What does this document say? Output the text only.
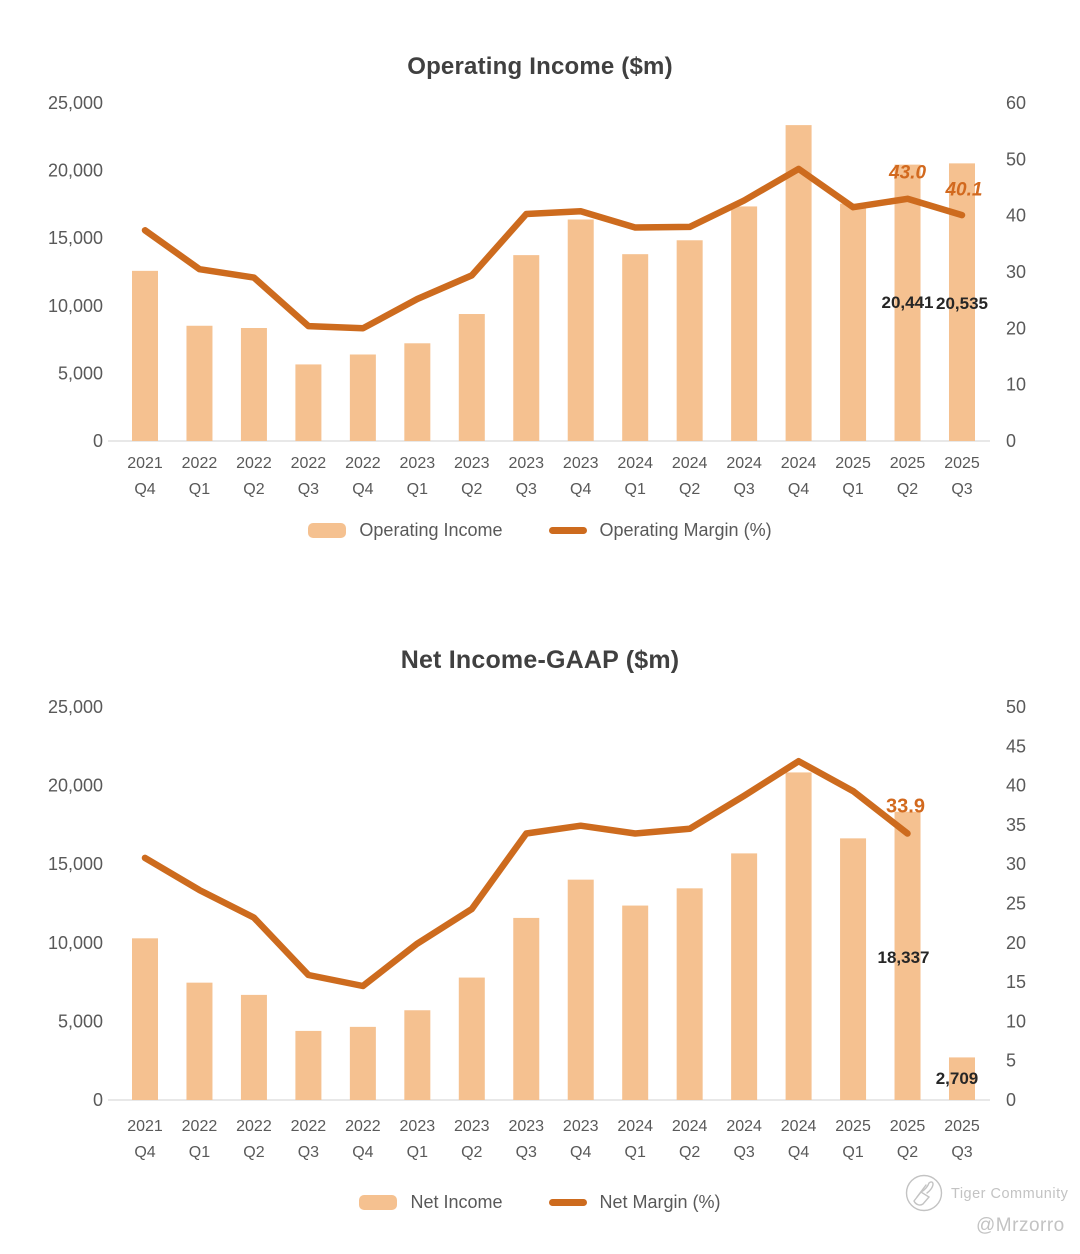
0
5,000
10,000
15,000
20,000
25,000
0
10
20
30
40
50
60
2021
Q4
2022
Q1
2022
Q2
2022
Q3
2022
Q4
2023
Q1
2023
Q2
2023
Q3
2023
Q4
2024
Q1
2024
Q2
2024
Q3
2024
Q4
2025
Q1
2025
Q2
2025
Q3
43.0
40.1
20,441 20,535
0
5,000
10,000
15,000
20,000
25,000
0
5
10
15
20
25
30
35
40
45
50
2021
Q4
2022
Q1
2022
Q2
2022
Q3
2022
Q4
2023
Q1
2023
Q2
2023
Q3
2023
Q4
2024
Q1
2024
Q2
2024
Q3
2024
Q4
2025
Q1
2025
Q2
2025
Q3
33.9
18,337
2,709
Operating Income ($m)
Net Income-GAAP ($m)
Operating Income	Operating Margin (%)
Net Income	Net Margin (%)	Tiger Community
@Mrzorro
